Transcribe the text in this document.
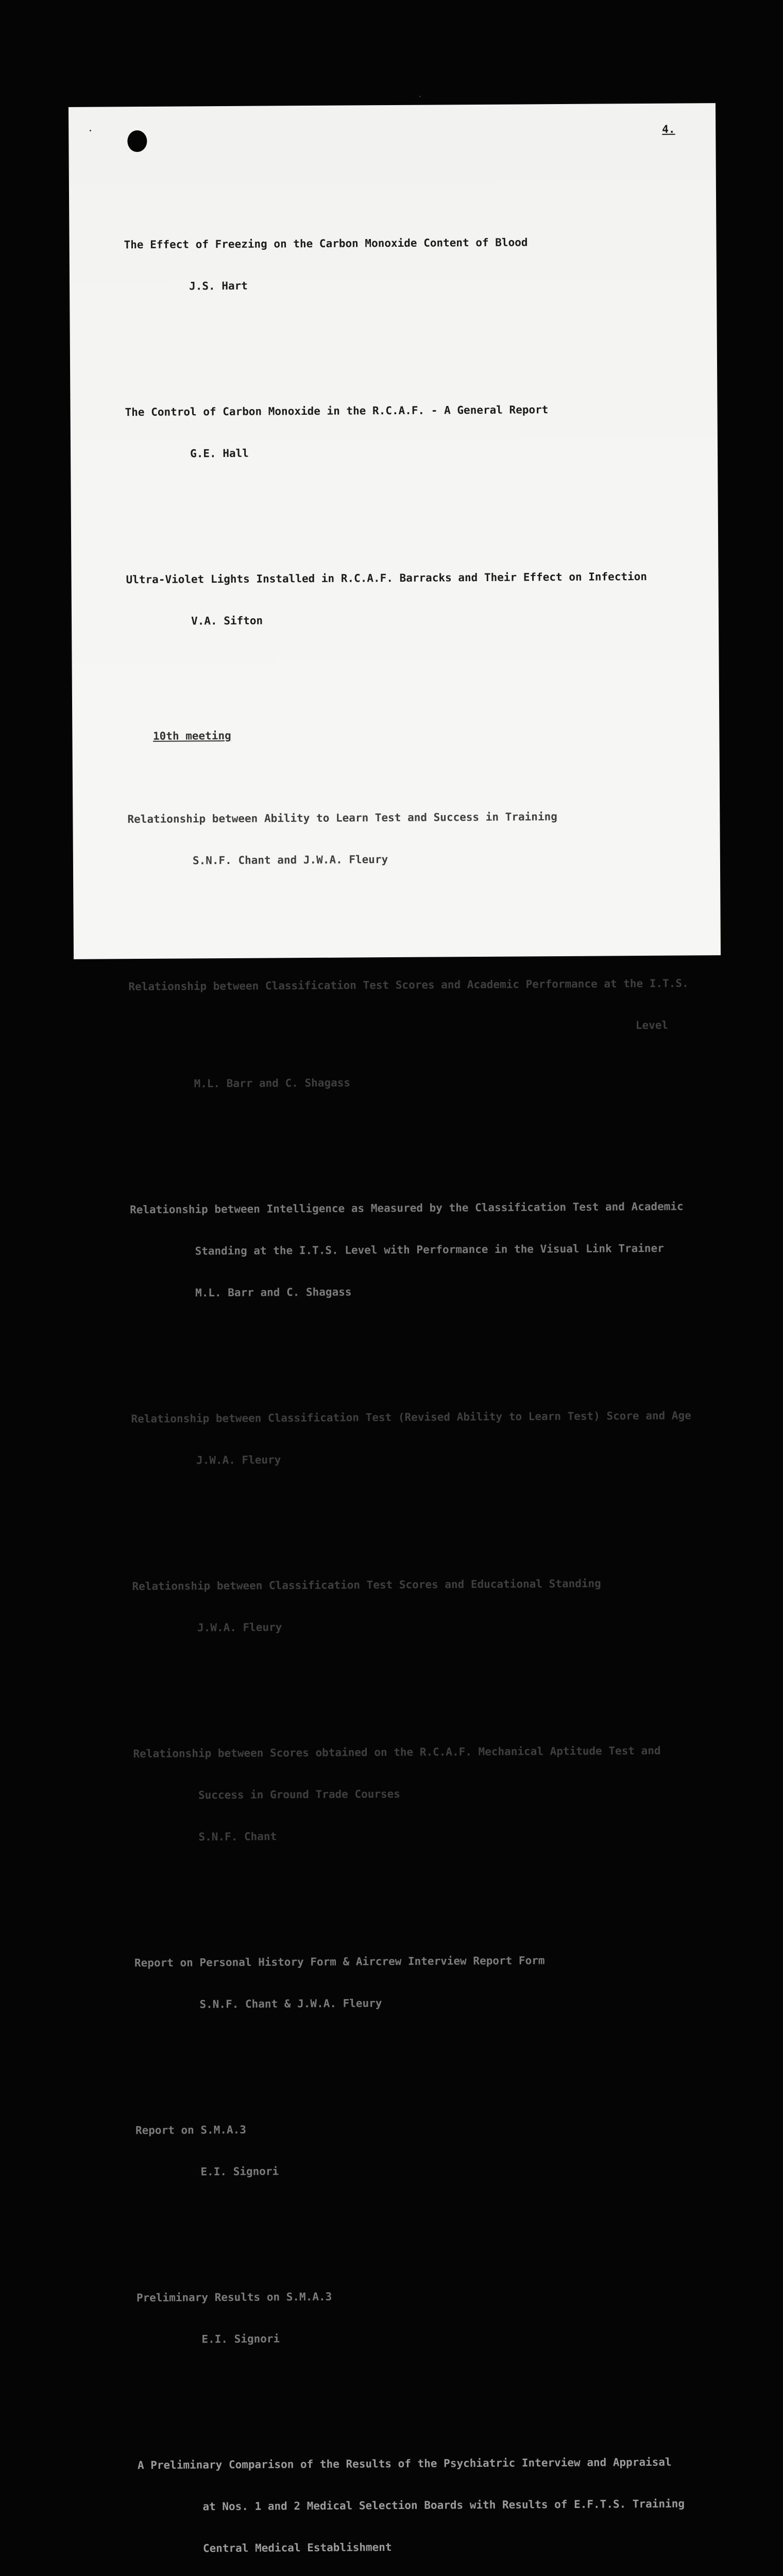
4.

The Effect of Freezing on the Carbon Monoxide Content of Blood

J.S. Hart

The Control of Carbon Monoxide in the R.C.A.F. - A General Report

G.E. Hall

Ultra-Violet Lights Installed in R.C.A.F. Barracks and Their Effect on Infection

V.A. Sifton

10th meeting

Relationship between Ability to Learn Test and Success in Training

S.N.F. Chant and J.W.A. Fleury

Relationship between Classification Test Scores and Academic Performance at the I.T.S.

Level

M.L. Barr and C. Shagass

Relationship between Intelligence as Measured by the Classification Test and Academic

Standing at the I.T.S. Level with Performance in the Visual Link Trainer

M.L. Barr and C. Shagass

Relationship between Classification Test (Revised Ability to Learn Test) Score and Age

J.W.A. Fleury

Relationship between Classification Test Scores and Educational Standing

J.W.A. Fleury

Relationship between Scores obtained on the R.C.A.F. Mechanical Aptitude Test and

Success in Ground Trade Courses

S.N.F. Chant

Report on Personal History Form & Aircrew Interview Report Form

S.N.F. Chant & J.W.A. Fleury

Report on S.M.A.3

E.I. Signori

Preliminary Results on S.M.A.3

E.I. Signori

A Preliminary Comparison of the Results of the Psychiatric Interview and Appraisal

at Nos. 1 and 2 Medical Selection Boards with Results of E.F.T.S. Training

Central Medical Establishment
